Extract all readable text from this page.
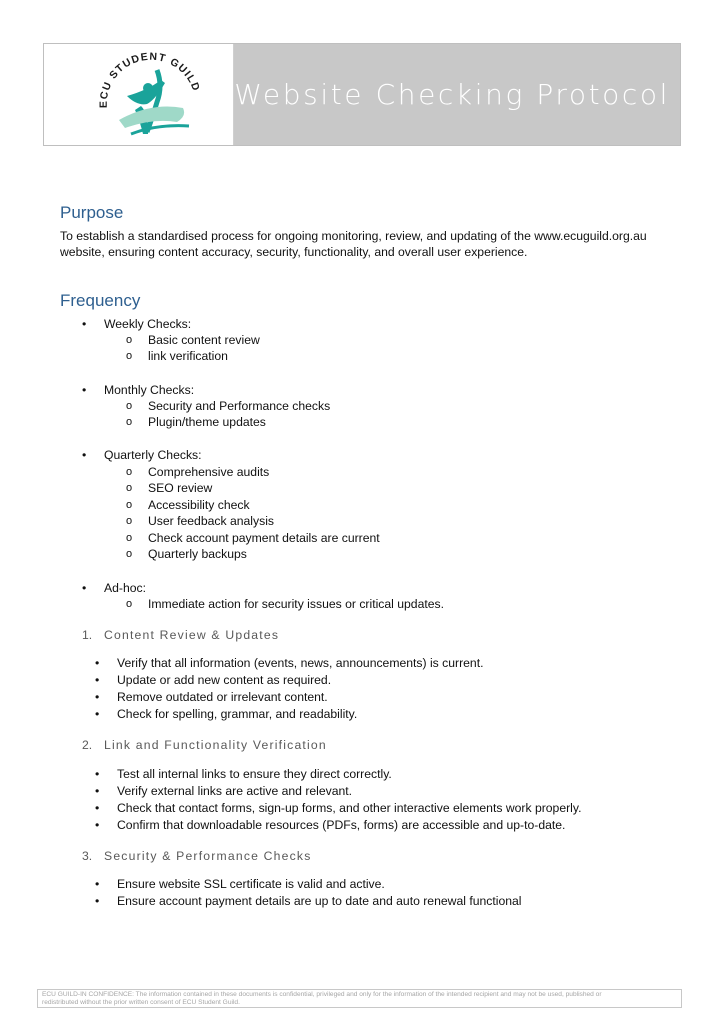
ECU STUDENT GUILD Website Checking Protocol
Purpose

To establish a standardised process for ongoing monitoring, review, and updating of the www.ecuguild.org.au

website, ensuring content accuracy, security, functionality, and overall user experience.

Frequency
• Weekly Checks:
o Basic content review
o link verification
• Monthly Checks:
o Security and Performance checks
o Plugin/theme updates
• Quarterly Checks:
o Comprehensive audits
o SEO review
o Accessibility check
o User feedback analysis
o Check account payment details are current
o Quarterly backups
• Ad-hoc:
o Immediate action for security issues or critical updates.
1. Content Review & Updates
• Verify that all information (events, news, announcements) is current.
• Update or add new content as required.
• Remove outdated or irrelevant content.
• Check for spelling, grammar, and readability.
2. Link and Functionality Verification
• Test all internal links to ensure they direct correctly.
• Verify external links are active and relevant.
• Check that contact forms, sign-up forms, and other interactive elements work properly.
• Confirm that downloadable resources (PDFs, forms) are accessible and up-to-date.
3. Security & Performance Checks
• Ensure website SSL certificate is valid and active.
• Ensure account payment details are up to date and auto renewal functional
ECU GUILD-IN CONFIDENCE: The information contained in these documents is confidential, privileged and only for the information of the intended recipient and may not be used, published or
redistributed without the prior written consent of ECU Student Guild.
